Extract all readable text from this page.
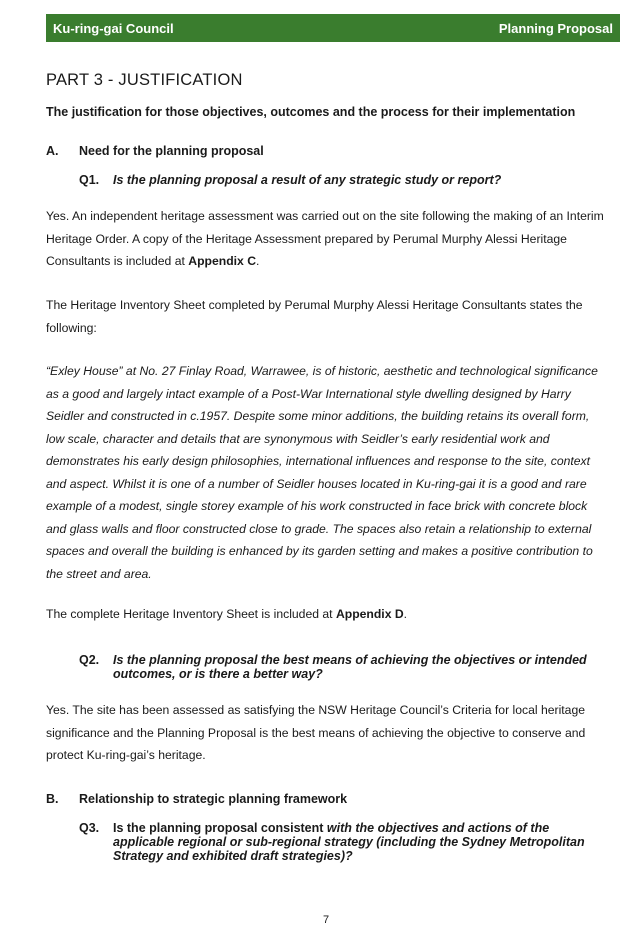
Ku-ring-gai Council	Planning Proposal
PART 3 - JUSTIFICATION
The justification for those objectives, outcomes and the process for their implementation
A. Need for the planning proposal
Q1. Is the planning proposal a result of any strategic study or report?
Yes. An independent heritage assessment was carried out on the site following the making of an Interim Heritage Order. A copy of the Heritage Assessment prepared by Perumal Murphy Alessi Heritage Consultants is included at Appendix C.
The Heritage Inventory Sheet completed by Perumal Murphy Alessi Heritage Consultants states the following:
“Exley House” at No. 27 Finlay Road, Warrawee, is of historic, aesthetic and technological significance as a good and largely intact example of a Post-War International style dwelling designed by Harry Seidler and constructed in c.1957. Despite some minor additions, the building retains its overall form, low scale, character and details that are synonymous with Seidler’s early residential work and demonstrates his early design philosophies, international influences and response to the site, context and aspect. Whilst it is one of a number of Seidler houses located in Ku-ring-gai it is a good and rare example of a modest, single storey example of his work constructed in face brick with concrete block and glass walls and floor constructed close to grade. The spaces also retain a relationship to external spaces and overall the building is enhanced by its garden setting and makes a positive contribution to the street and area.
The complete Heritage Inventory Sheet is included at Appendix D.
Q2. Is the planning proposal the best means of achieving the objectives or intended outcomes, or is there a better way?
Yes. The site has been assessed as satisfying the NSW Heritage Council’s Criteria for local heritage significance and the Planning Proposal is the best means of achieving the objective to conserve and protect Ku-ring-gai’s heritage.
B. Relationship to strategic planning framework
Q3. Is the planning proposal consistent with the objectives and actions of the applicable regional or sub-regional strategy (including the Sydney Metropolitan Strategy and exhibited draft strategies)?
7
